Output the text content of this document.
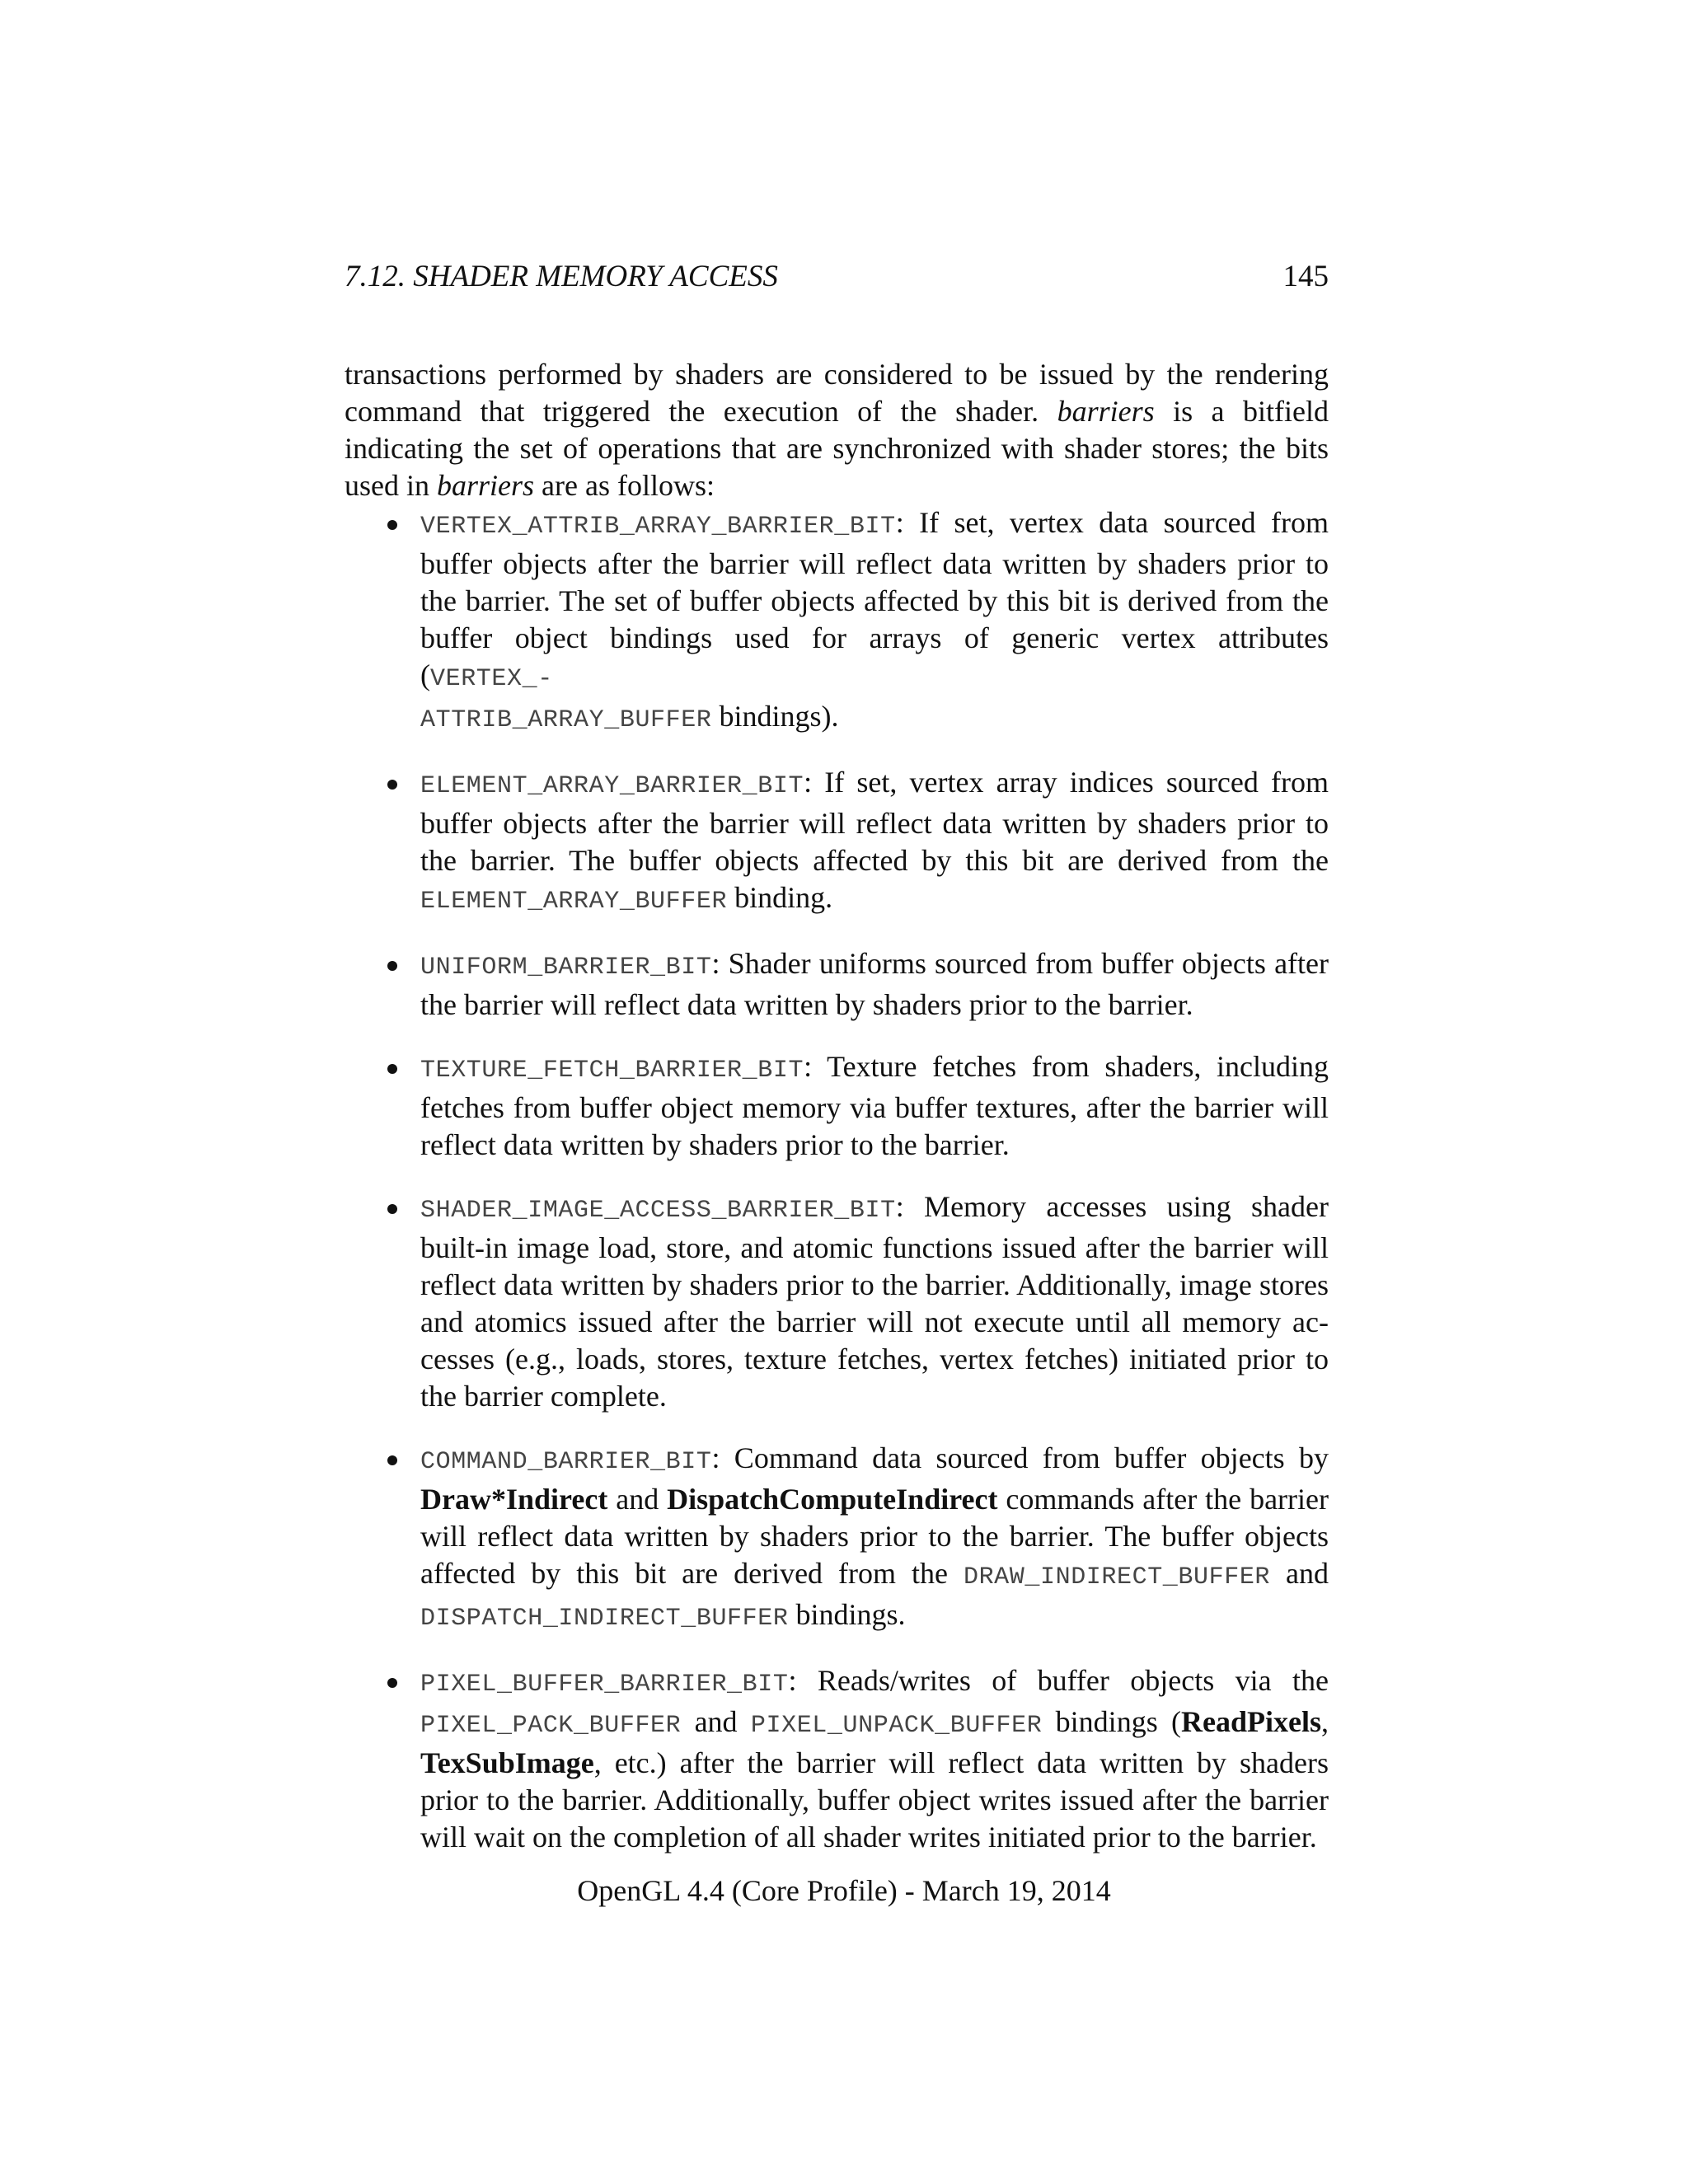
7.12. SHADER MEMORY ACCESS	145

transactions performed by shaders are considered to be issued by the rendering command that triggered the execution of the shader. barriers is a bitfield indicating the set of operations that are synchronized with shader stores; the bits used in barriers are as follows:

VERTEX_ATTRIB_ARRAY_BARRIER_BIT: If set, vertex data sourced from buffer objects after the barrier will reflect data written by shaders prior to the barrier. The set of buffer objects affected by this bit is derived from the buffer object bindings used for arrays of generic vertex attributes (VERTEX_-
ATTRIB_ARRAY_BUFFER bindings).
ELEMENT_ARRAY_BARRIER_BIT: If set, vertex array indices sourced from buffer objects after the barrier will reflect data written by shaders prior to the barrier. The buffer objects affected by this bit are derived from the ELEMENT_ARRAY_BUFFER binding.
UNIFORM_BARRIER_BIT: Shader uniforms sourced from buffer objects after the barrier will reflect data written by shaders prior to the barrier.
TEXTURE_FETCH_BARRIER_BIT: Texture fetches from shaders, including fetches from buffer object memory via buffer textures, after the barrier will reflect data written by shaders prior to the barrier.
SHADER_IMAGE_ACCESS_BARRIER_BIT: Memory accesses using shader built-in image load, store, and atomic functions issued after the barrier will reflect data written by shaders prior to the barrier. Additionally, image stores and atomics issued after the barrier will not execute until all memory accesses (e.g., loads, stores, texture fetches, vertex fetches) initiated prior to the barrier complete.
COMMAND_BARRIER_BIT: Command data sourced from buffer objects by Draw*Indirect and DispatchComputeIndirect commands after the barrier will reflect data written by shaders prior to the barrier. The buffer objects affected by this bit are derived from the DRAW_INDIRECT_BUFFER and DISPATCH_INDIRECT_BUFFER bindings.
PIXEL_BUFFER_BARRIER_BIT: Reads/writes of buffer objects via the PIXEL_PACK_BUFFER and PIXEL_UNPACK_BUFFER bindings (ReadPixels, TexSubImage, etc.) after the barrier will reflect data written by shaders prior to the barrier. Additionally, buffer object writes issued after the barrier will wait on the completion of all shader writes initiated prior to the barrier.
OpenGL 4.4 (Core Profile) - March 19, 2014
